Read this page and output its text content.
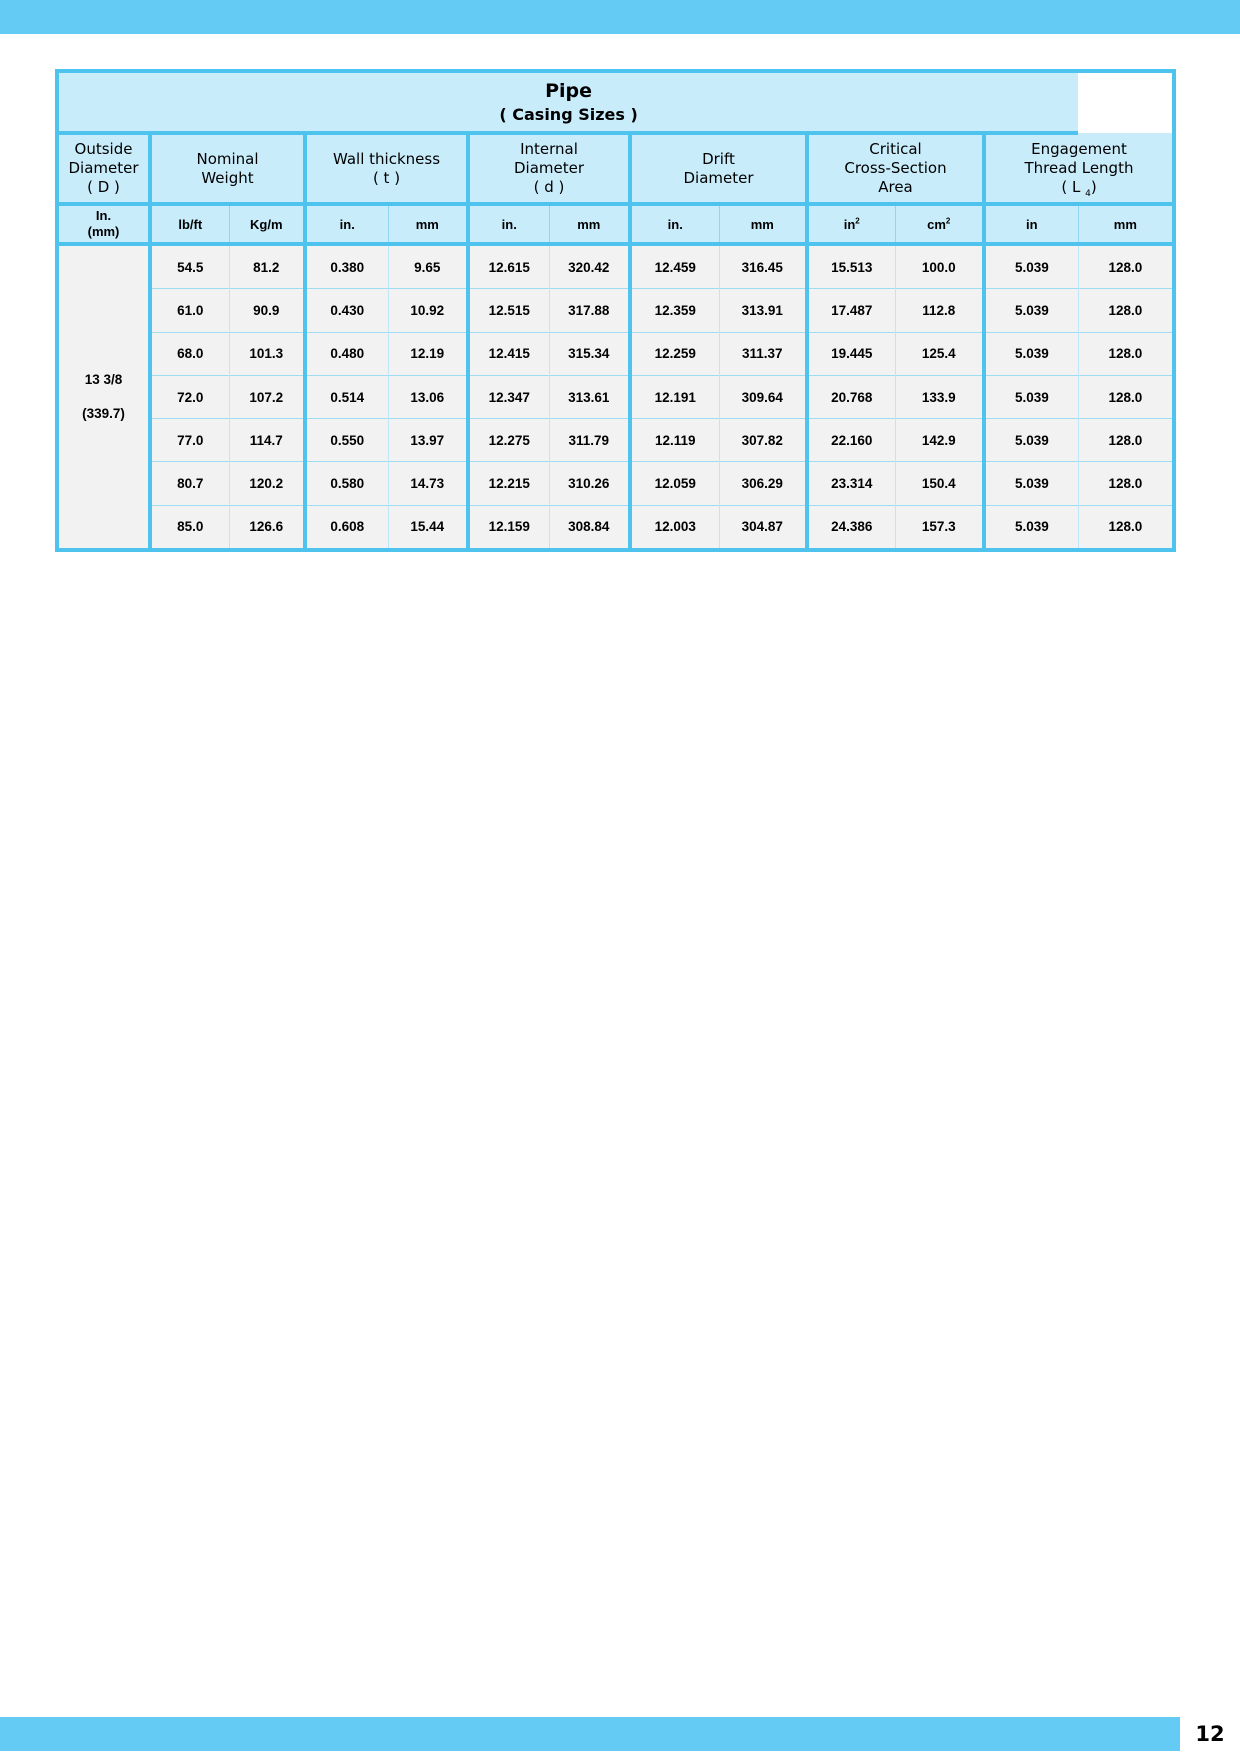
Pipe
( Casing Sizes )												

Outside
Diameter
( D )	Nominal
Weight		Wall thickness
( t )		Internal
Diameter
( d )		Drift
Diameter		Critical
Cross-Section
Area		Engagement
Thread Length
( L $_4$)	

In.
(mm)	lb/ft	Kg/m	in.	mm	in.	mm	in.	mm	$in^2$	$cm^2$	in	mm

13 3/8
(339.7)	54.5	81.2	0.380	9.65	12.615	320.42	12.459	316.45	15.513	100.0	5.039	128.0
	61.0	90.9	0.430	10.92	12.515	317.88	12.359	313.91	17.487	112.8	5.039	128.0
	68.0	101.3	0.480	12.19	12.415	315.34	12.259	311.37	19.445	125.4	5.039	128.0
	72.0	107.2	0.514	13.06	12.347	313.61	12.191	309.64	20.768	133.9	5.039	128.0
	77.0	114.7	0.550	13.97	12.275	311.79	12.119	307.82	22.160	142.9	5.039	128.0
	80.7	120.2	0.580	14.73	12.215	310.26	12.059	306.29	23.314	150.4	5.039	128.0
	85.0	126.6	0.608	15.44	12.159	308.84	12.003	304.87	24.386	157.3	5.039	128.0
12
